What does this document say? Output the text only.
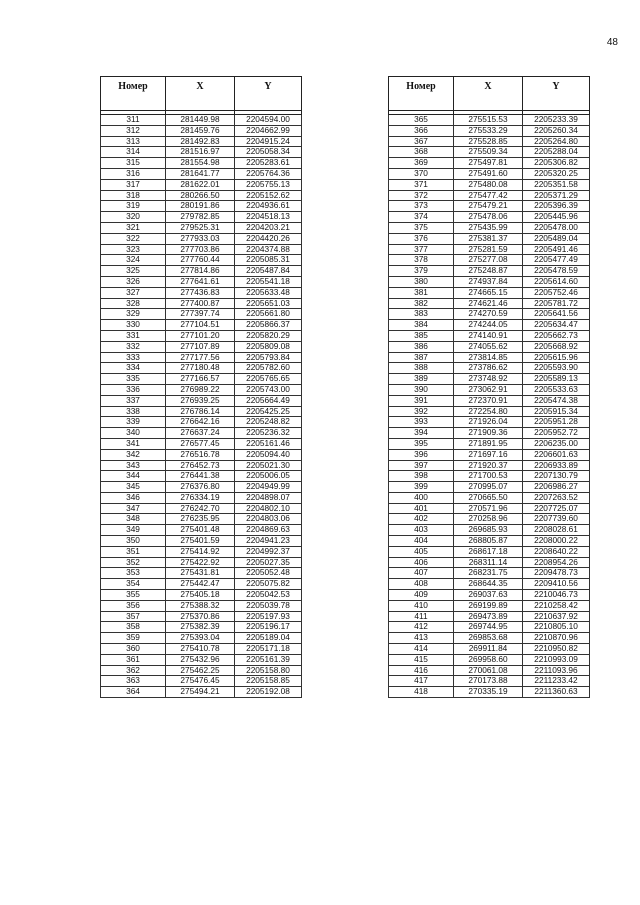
48
Номер	X	Y

311	281449.98	2204594.00
312	281459.76	2204662.99
313	281492.83	2204915.24
314	281516.97	2205058.34
315	281554.98	2205283.61
316	281641.77	2205764.36
317	281622.01	2205755.13
318	280266.50	2205152.62
319	280191.86	2204936.61
320	279782.85	2204518.13
321	279525.31	2204203.21
322	277933.03	2204420.26
323	277703.86	2204374.88
324	277760.44	2205085.31
325	277814.86	2205487.84
326	277641.61	2205541.18
327	277436.83	2205633.48
328	277400.87	2205651.03
329	277397.74	2205661.80
330	277104.51	2205866.37
331	277101.20	2205820.29
332	277107.89	2205809.08
333	277177.56	2205793.84
334	277180.48	2205782.60
335	277166.57	2205765.65
336	276989.22	2205743.00
337	276939.25	2205664.49
338	276786.14	2205425.25
339	276642.16	2205248.82
340	276637.24	2205236.32
341	276577.45	2205161.46
342	276516.78	2205094.40
343	276452.73	2205021.30
344	276441.38	2205006.05
345	276376.80	2204949.99
346	276334.19	2204898.07
347	276242.70	2204802.10
348	276235.95	2204803.06
349	275401.48	2204869.63
350	275401.59	2204941.23
351	275414.92	2204992.37
352	275422.92	2205027.35
353	275431.81	2205052.48
354	275442.47	2205075.82
355	275405.18	2205042.53
356	275388.32	2205039.78
357	275370.86	2205197.93
358	275382.39	2205196.17
359	275393.04	2205189.04
360	275410.78	2205171.18
361	275432.96	2205161.39
362	275462.25	2205158.80
363	275476.45	2205158.85
364	275494.21	2205192.08
Номер	X	Y

365	275515.53	2205233.39
366	275533.29	2205260.34
367	275528.85	2205264.80
368	275509.34	2205288.04
369	275497.81	2205306.82
370	275491.60	2205320.25
371	275480.08	2205351.58
372	275477.42	2205371.29
373	275479.21	2205396.39
374	275478.06	2205445.96
375	275435.99	2205478.00
376	275381.37	2205489.04
377	275281.59	2205491.46
378	275277.08	2205477.49
379	275248.87	2205478.59
380	274937.84	2205614.60
381	274665.15	2205752.46
382	274621.46	2205781.72
383	274270.59	2205641.56
384	274244.05	2205634.47
385	274140.91	2205662.73
386	274055.62	2205668.92
387	273814.85	2205615.96
388	273786.62	2205593.90
389	273748.92	2205589.13
390	273062.91	2205533.63
391	272370.91	2205474.38
392	272254.80	2205915.34
393	271926.04	2205951.28
394	271909.36	2205952.72
395	271891.95	2206235.00
396	271697.16	2206601.63
397	271920.37	2206933.89
398	271700.53	2207130.79
399	270995.07	2206986.27
400	270665.50	2207263.52
401	270571.96	2207725.07
402	270258.96	2207739.60
403	269685.93	2208028.61
404	268805.87	2208000.22
405	268617.18	2208640.22
406	268311.14	2208954.26
407	268231.75	2209478.73
408	268644.35	2209410.56
409	269037.63	2210046.73
410	269199.89	2210258.42
411	269473.89	2210637.92
412	269744.95	2210805.10
413	269853.68	2210870.96
414	269911.84	2210950.82
415	269958.60	2210993.09
416	270061.08	2211093.96
417	270173.88	2211233.42
418	270335.19	2211360.63
